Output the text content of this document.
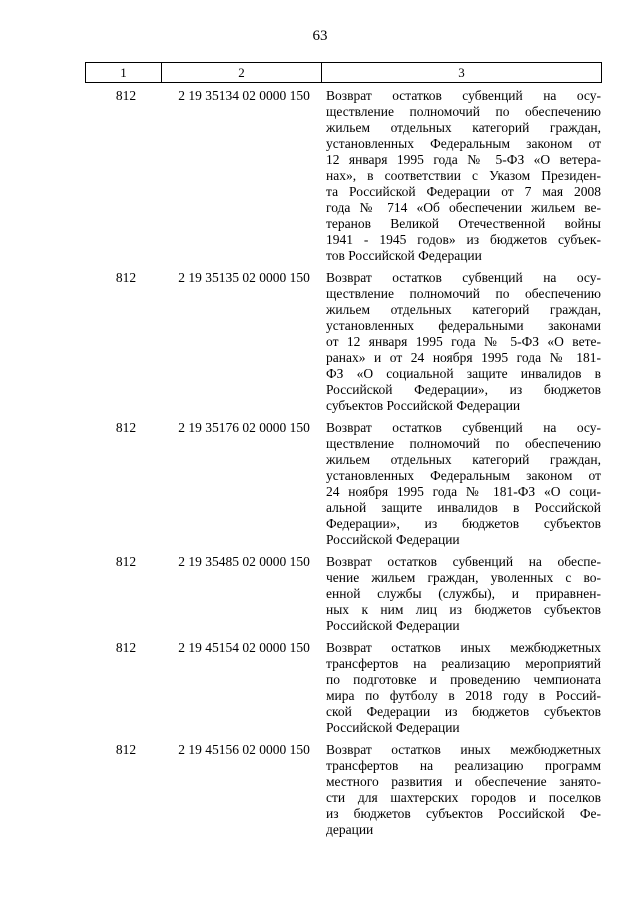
63
1	2	3
812	2 19 35134 02 0000 150	Возврат остатков субвенций на осу-
ществление полномочий по обеспечению
жильем отдельных категорий граждан,
установленных Федеральным законом от
12 января 1995 года № 5-ФЗ «О ветера-
нах», в соответствии с Указом Президен-
та Российской Федерации от 7 мая 2008
года № 714 «Об обеспечении жильем ве-
теранов Великой Отечественной войны
1941 - 1945 годов» из бюджетов субъек-
тов Российской Федерации
812	2 19 35135 02 0000 150	Возврат остатков субвенций на осу-
ществление полномочий по обеспечению
жильем отдельных категорий граждан,
установленных федеральными законами
от 12 января 1995 года № 5-ФЗ «О вете-
ранах» и от 24 ноября 1995 года № 181-
ФЗ «О социальной защите инвалидов в
Российской Федерации», из бюджетов
субъектов Российской Федерации
812	2 19 35176 02 0000 150	Возврат остатков субвенций на осу-
ществление полномочий по обеспечению
жильем отдельных категорий граждан,
установленных Федеральным законом от
24 ноября 1995 года № 181-ФЗ «О соци-
альной защите инвалидов в Российской
Федерации», из бюджетов субъектов
Российской Федерации
812	2 19 35485 02 0000 150	Возврат остатков субвенций на обеспе-
чение жильем граждан, уволенных с во-
енной службы (службы), и приравнен-
ных к ним лиц из бюджетов субъектов
Российской Федерации
812	2 19 45154 02 0000 150	Возврат остатков иных межбюджетных
трансфертов на реализацию мероприятий
по подготовке и проведению чемпионата
мира по футболу в 2018 году в Россий-
ской Федерации из бюджетов субъектов
Российской Федерации
812	2 19 45156 02 0000 150	Возврат остатков иных межбюджетных
трансфертов на реализацию программ
местного развития и обеспечение занято-
сти для шахтерских городов и поселков
из бюджетов субъектов Российской Фе-
дерации
